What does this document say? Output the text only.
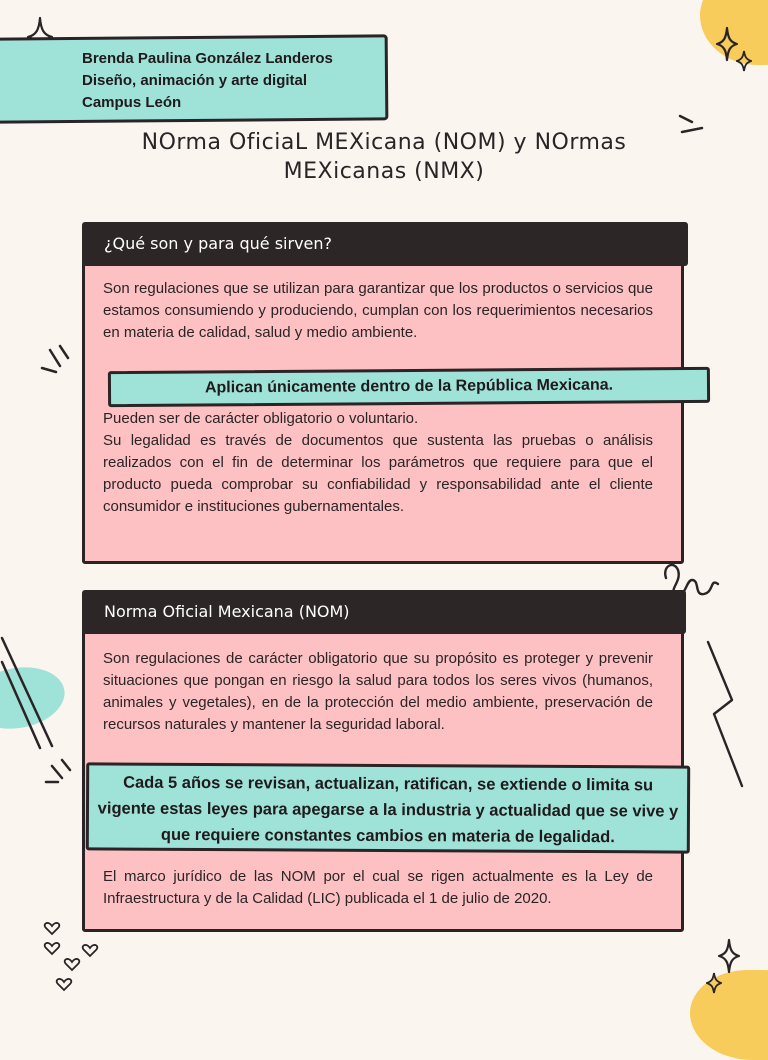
Brenda Paulina González Landeros
Diseño, animación y arte digital
Campus León
NOrma OficiaL MEXicana (NOM) y NOrmas
MEXicanas (NMX)
¿Qué son y para qué sirven?
Son regulaciones que se utilizan para garantizar que los productos o servicios que estamos consumiendo y produciendo, cumplan con los requerimientos necesarios en materia de calidad, salud y medio ambiente.
Aplican únicamente dentro de la República Mexicana.
Pueden ser de carácter obligatorio o voluntario.
Su legalidad es través de documentos que sustenta las pruebas o análisis realizados con el fin de determinar los parámetros que requiere para que el producto pueda comprobar su confiabilidad y responsabilidad ante el cliente consumidor e instituciones gubernamentales.
Norma Oficial Mexicana (NOM)
Son regulaciones de carácter obligatorio que su propósito es proteger y prevenir situaciones que pongan en riesgo la salud para todos los seres vivos (humanos, animales y vegetales), en de la protección del medio ambiente, preservación de recursos naturales y mantener la seguridad laboral.
Cada 5 años se revisan, actualizan, ratifican, se extiende o limita su vigente estas leyes para apegarse a la industria y actualidad que se vive y que requiere constantes cambios en materia de legalidad.
El marco jurídico de las NOM por el cual se rigen actualmente es la Ley de Infraestructura y de la Calidad (LIC) publicada el 1 de julio de 2020.
